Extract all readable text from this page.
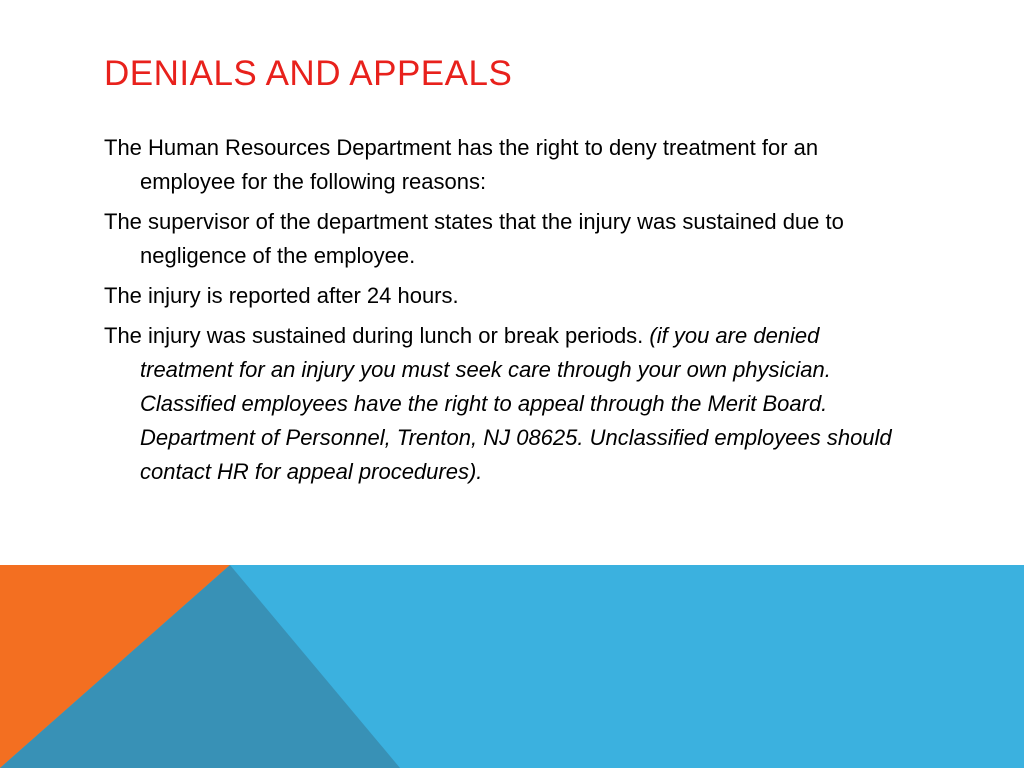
DENIALS AND APPEALS
The Human Resources Department has the right to deny treatment for an employee for the following reasons:
The supervisor of the department states that the injury was sustained due to negligence of the employee.
The injury is reported after 24 hours.
The injury was sustained during lunch or break periods. (if you are denied treatment for an injury you must seek care through your own physician. Classified employees have the right to appeal through the Merit Board. Department of Personnel, Trenton, NJ 08625. Unclassified employees should contact HR for appeal procedures).
